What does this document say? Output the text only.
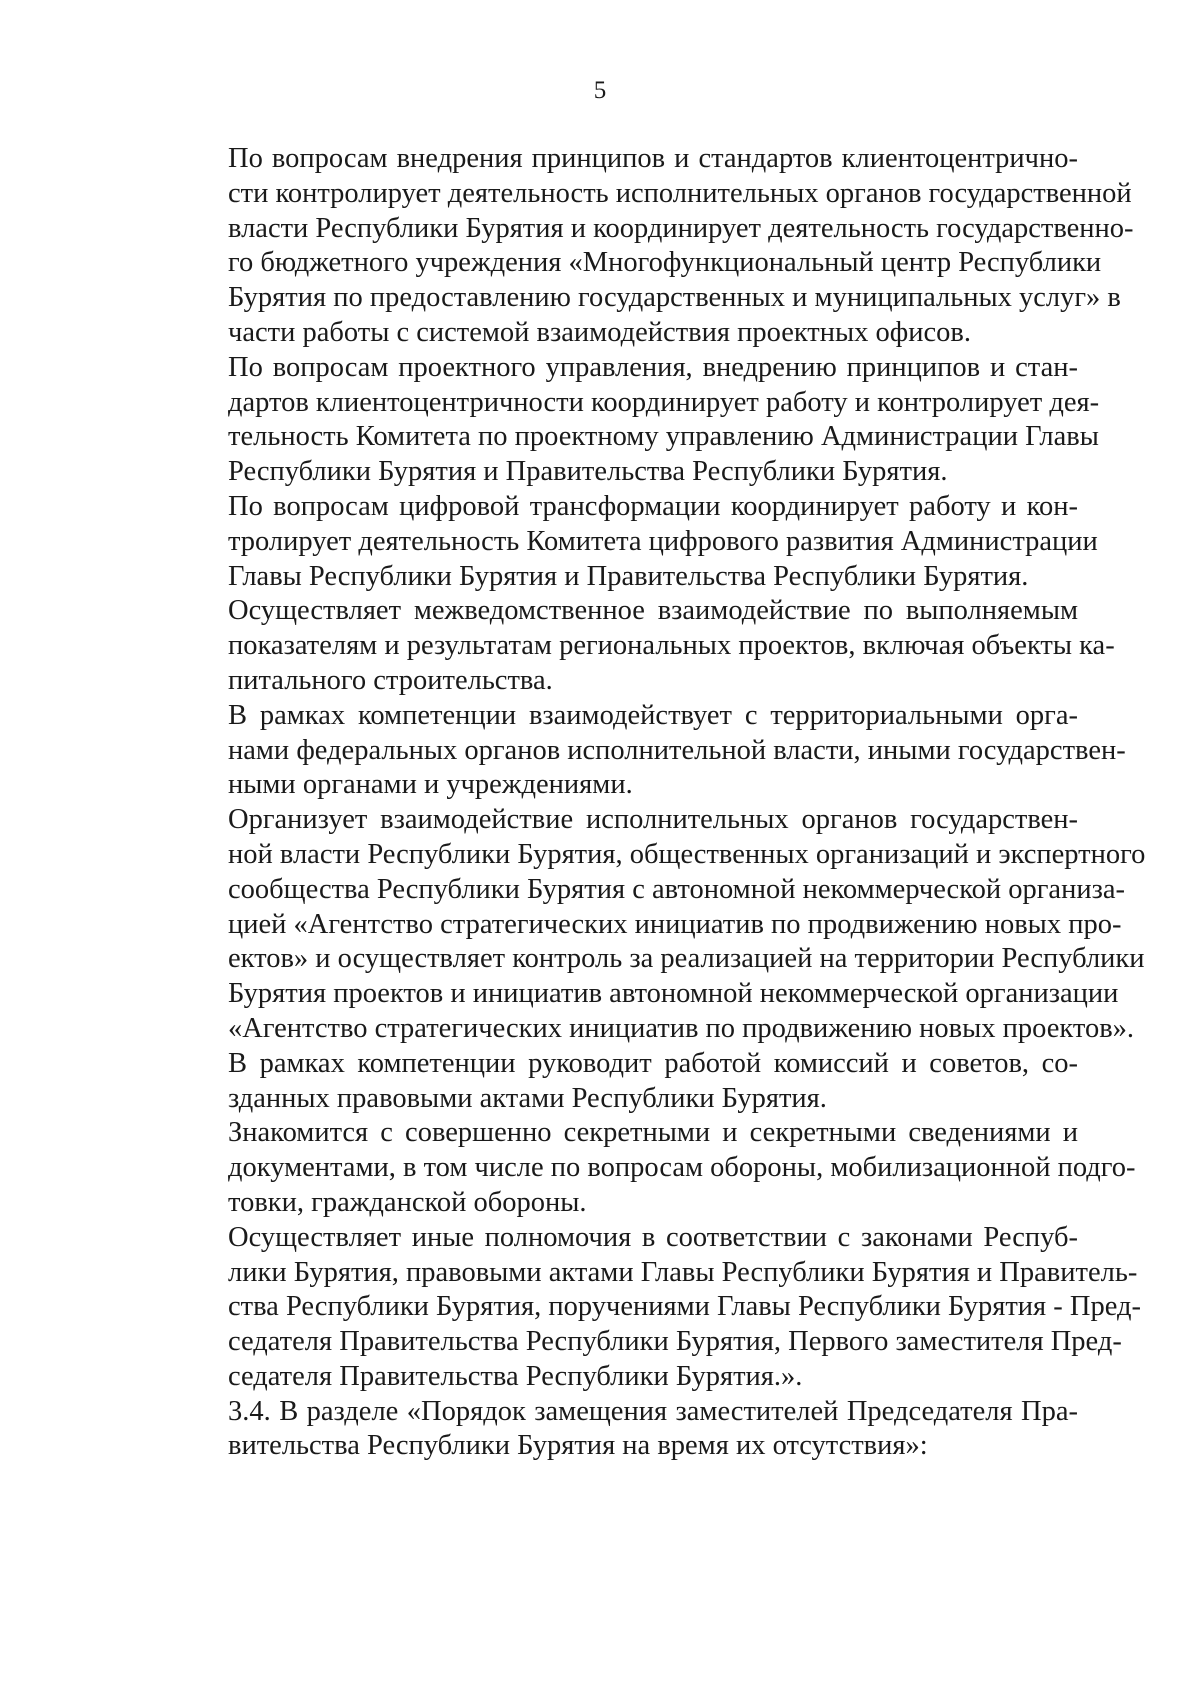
5

По вопросам внедрения принципов и стандартов клиентоцентрично-
сти контролирует деятельность исполнительных органов государственной
власти Республики Бурятия и координирует деятельность государственно-
го бюджетного учреждения «Многофункциональный центр Республики
Бурятия по предоставлению государственных и муниципальных услуг» в
части работы с системой взаимодействия проектных офисов.

По вопросам проектного управления, внедрению принципов и стан-
дартов клиентоцентричности координирует работу и контролирует дея-
тельность Комитета по проектному управлению Администрации Главы
Республики Бурятия и Правительства Республики Бурятия.

По вопросам цифровой трансформации координирует работу и кон-
тролирует деятельность Комитета цифрового развития Администрации
Главы Республики Бурятия и Правительства Республики Бурятия.

Осуществляет межведомственное взаимодействие по выполняемым
показателям и результатам региональных проектов, включая объекты ка-
питального строительства.

В рамках компетенции взаимодействует с территориальными орга-
нами федеральных органов исполнительной власти, иными государствен-
ными органами и учреждениями.

Организует взаимодействие исполнительных органов государствен-
ной власти Республики Бурятия, общественных организаций и экспертного
сообщества Республики Бурятия с автономной некоммерческой организа-
цией «Агентство стратегических инициатив по продвижению новых про-
ектов» и осуществляет контроль за реализацией на территории Республики
Бурятия проектов и инициатив автономной некоммерческой организации
«Агентство стратегических инициатив по продвижению новых проектов».

В рамках компетенции руководит работой комиссий и советов, со-
зданных правовыми актами Республики Бурятия.

Знакомится с совершенно секретными и секретными сведениями и
документами, в том числе по вопросам обороны, мобилизационной подго-
товки, гражданской обороны.

Осуществляет иные полномочия в соответствии с законами Респуб-
лики Бурятия, правовыми актами Главы Республики Бурятия и Правитель-
ства Республики Бурятия, поручениями Главы Республики Бурятия - Пред-
седателя Правительства Республики Бурятия, Первого заместителя Пред-
седателя Правительства Республики Бурятия.».

3.4. В разделе «Порядок замещения заместителей Председателя Пра-
вительства Республики Бурятия на время их отсутствия»:
